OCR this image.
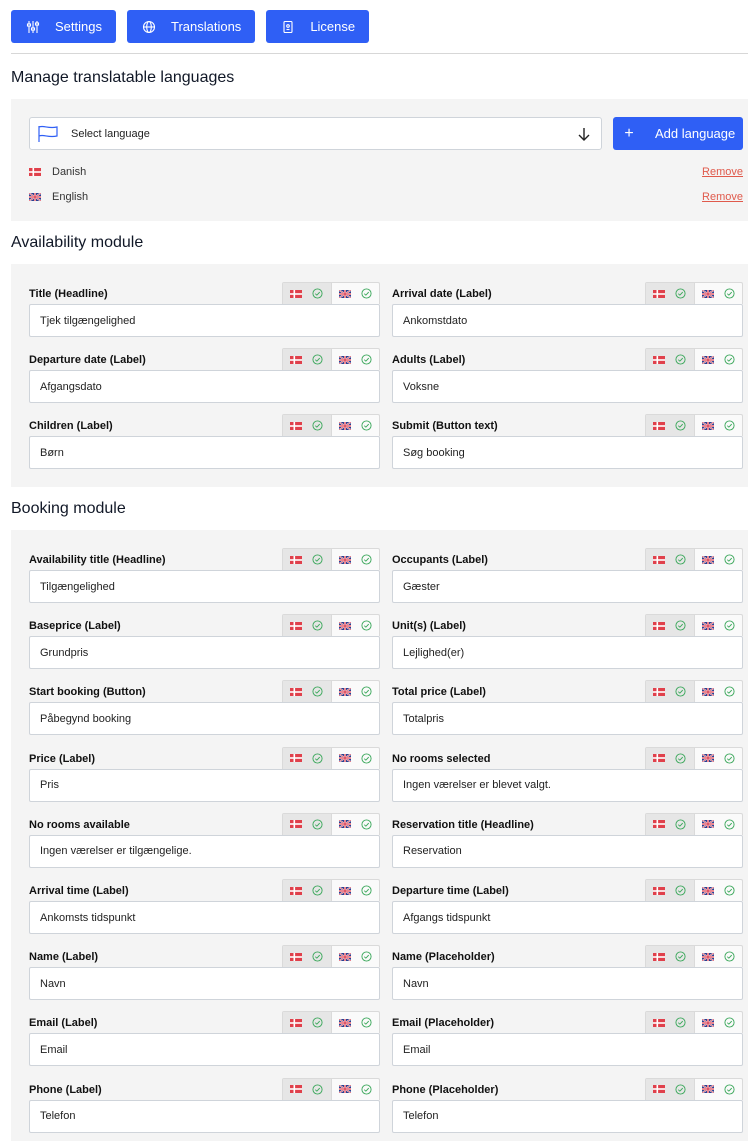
Settings	Translations	License
Manage translatable languages
Select language	+ Add language
Danish	Remove
English	Remove
Availability module
Title (Headline)
Tjek tilgængelighed
Arrival date (Label)
Ankomstdato
Departure date (Label)
Afgangsdato
Adults (Label)
Voksne
Children (Label)
Børn
Submit (Button text)
Søg booking
Booking module
Availability title (Headline)
Tilgængelighed
Occupants (Label)
Gæster
Baseprice (Label)
Grundpris
Unit(s) (Label)
Lejlighed(er)
Start booking (Button)
Påbegynd booking
Total price (Label)
Totalpris
Price (Label)
Pris
No rooms selected
Ingen værelser er blevet valgt.
No rooms available
Ingen værelser er tilgængelige.
Reservation title (Headline)
Reservation
Arrival time (Label)
Ankomsts tidspunkt
Departure time (Label)
Afgangs tidspunkt
Name (Label)
Navn
Name (Placeholder)
Navn
Email (Label)
Email
Email (Placeholder)
Email
Phone (Label)
Telefon
Phone (Placeholder)
Telefon
